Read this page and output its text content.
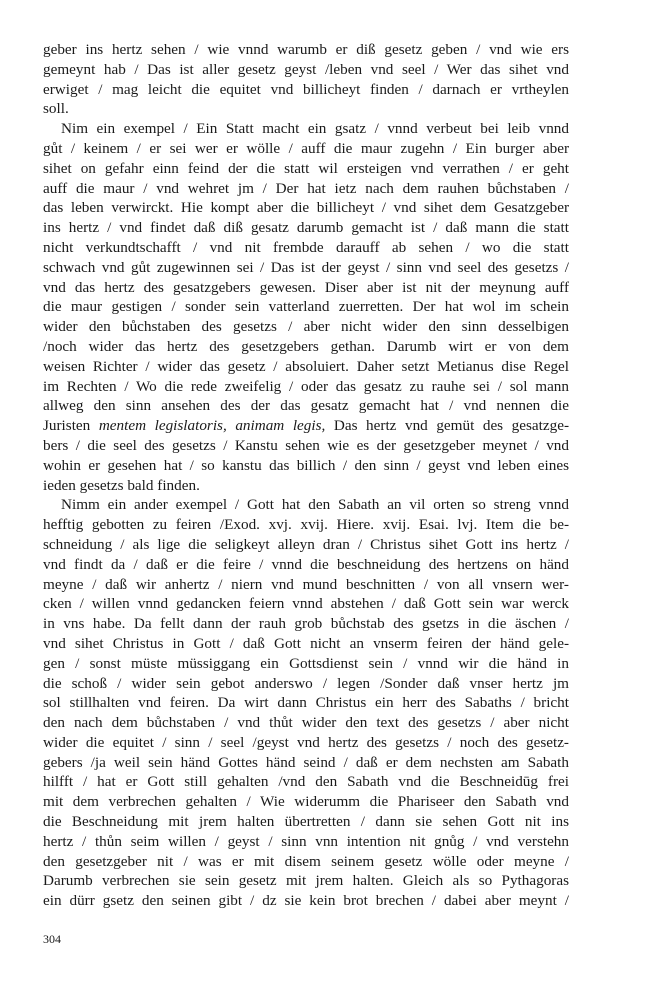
geber ins hertz sehen / wie vnnd warumb er diß gesetz geben / vnd wie ers
gemeynt hab / Das ist aller gesetz geyst /leben vnd seel / Wer das sihet vnd
erwiget / mag leicht die equitet vnd billicheyt finden / darnach er vrtheylen
soll.
Nim ein exempel / Ein Statt macht ein gsatz / vnnd verbeut bei leib vnnd
gůt / keinem / er sei wer er wölle / auff die maur zugehn / Ein burger aber
sihet on gefahr einn feind der die statt wil ersteigen vnd verrathen / er geht
auff die maur / vnd wehret jm / Der hat ietz nach dem rauhen bůchstaben /
das leben verwirckt. Hie kompt aber die billicheyt / vnd sihet dem Gesatzgeber
ins hertz / vnd findet daß diß gesatz darumb gemacht ist / daß mann die statt
nicht verkundtschafft / vnd nit frembde darauff ab sehen / wo die statt
schwach vnd gůt zugewinnen sei / Das ist der geyst / sinn vnd seel des gesetzs /
vnd das hertz des gesatzgebers gewesen. Diser aber ist nit der meynung auff
die maur gestigen / sonder sein vatterland zuerretten. Der hat wol im schein
wider den bůchstaben des gesetzs / aber nicht wider den sinn desselbigen
/noch wider das hertz des gesetzgebers gethan. Darumb wirt er von dem
weisen Richter / wider das gesetz / absoluiert. Daher setzt Metianus dise Regel
im Rechten / Wo die rede zweifelig / oder das gesatz zu rauhe sei / sol mann
allweg den sinn ansehen des der das gesatz gemacht hat / vnd nennen die
Juristen mentem legislatoris, animam legis, Das hertz vnd gemüt des gesatzge-
bers / die seel des gesetzs / Kanstu sehen wie es der gesetzgeber meynet / vnd
wohin er gesehen hat / so kanstu das billich / den sinn / geyst vnd leben eines
ieden gesetzs bald finden.
Nimm ein ander exempel / Gott hat den Sabath an vil orten so streng vnnd
hefftig gebotten zu feiren /Exod. xvj. xvij. Hiere. xvij. Esai. lvj. Item die be-
schneidung / als lige die seligkeyt alleyn dran / Christus sihet Gott ins hertz /
vnd findt da / daß er die feire / vnnd die beschneidung des hertzens on händ
meyne / daß wir anhertz / niern vnd mund beschnitten / von all vnsern wer-
cken / willen vnnd gedancken feiern vnnd abstehen / daß Gott sein war werck
in vns habe. Da fellt dann der rauh grob bůchstab des gsetzs in die äschen /
vnd sihet Christus in Gott / daß Gott nicht an vnserm feiren der händ gele-
gen / sonst müste müssiggang ein Gottsdienst sein / vnnd wir die händ in
die schoß / wider sein gebot anderswo / legen /Sonder daß vnser hertz jm
sol stillhalten vnd feiren. Da wirt dann Christus ein herr des Sabaths / bricht
den nach dem bůchstaben / vnd thůt wider den text des gesetzs / aber nicht
wider die equitet / sinn / seel /geyst vnd hertz des gesetzs / noch des gesetz-
gebers /ja weil sein händ Gottes händ seind / daß er dem nechsten am Sabath
hilfft / hat er Gott still gehalten /vnd den Sabath vnd die Beschneidūg frei
mit dem verbrechen gehalten / Wie widerumm die Phariseer den Sabath vnd
die Beschneidung mit jrem halten übertretten / dann sie sehen Gott nit ins
hertz / thůn seim willen / geyst / sinn vnn intention nit gnůg / vnd verstehn
den gesetzgeber nit / was er mit disem seinem gesetz wölle oder meyne /
Darumb verbrechen sie sein gesetz mit jrem halten. Gleich als so Pythagoras
ein dürr gsetz den seinen gibt / dz sie kein brot brechen / dabei aber meynt /
304
